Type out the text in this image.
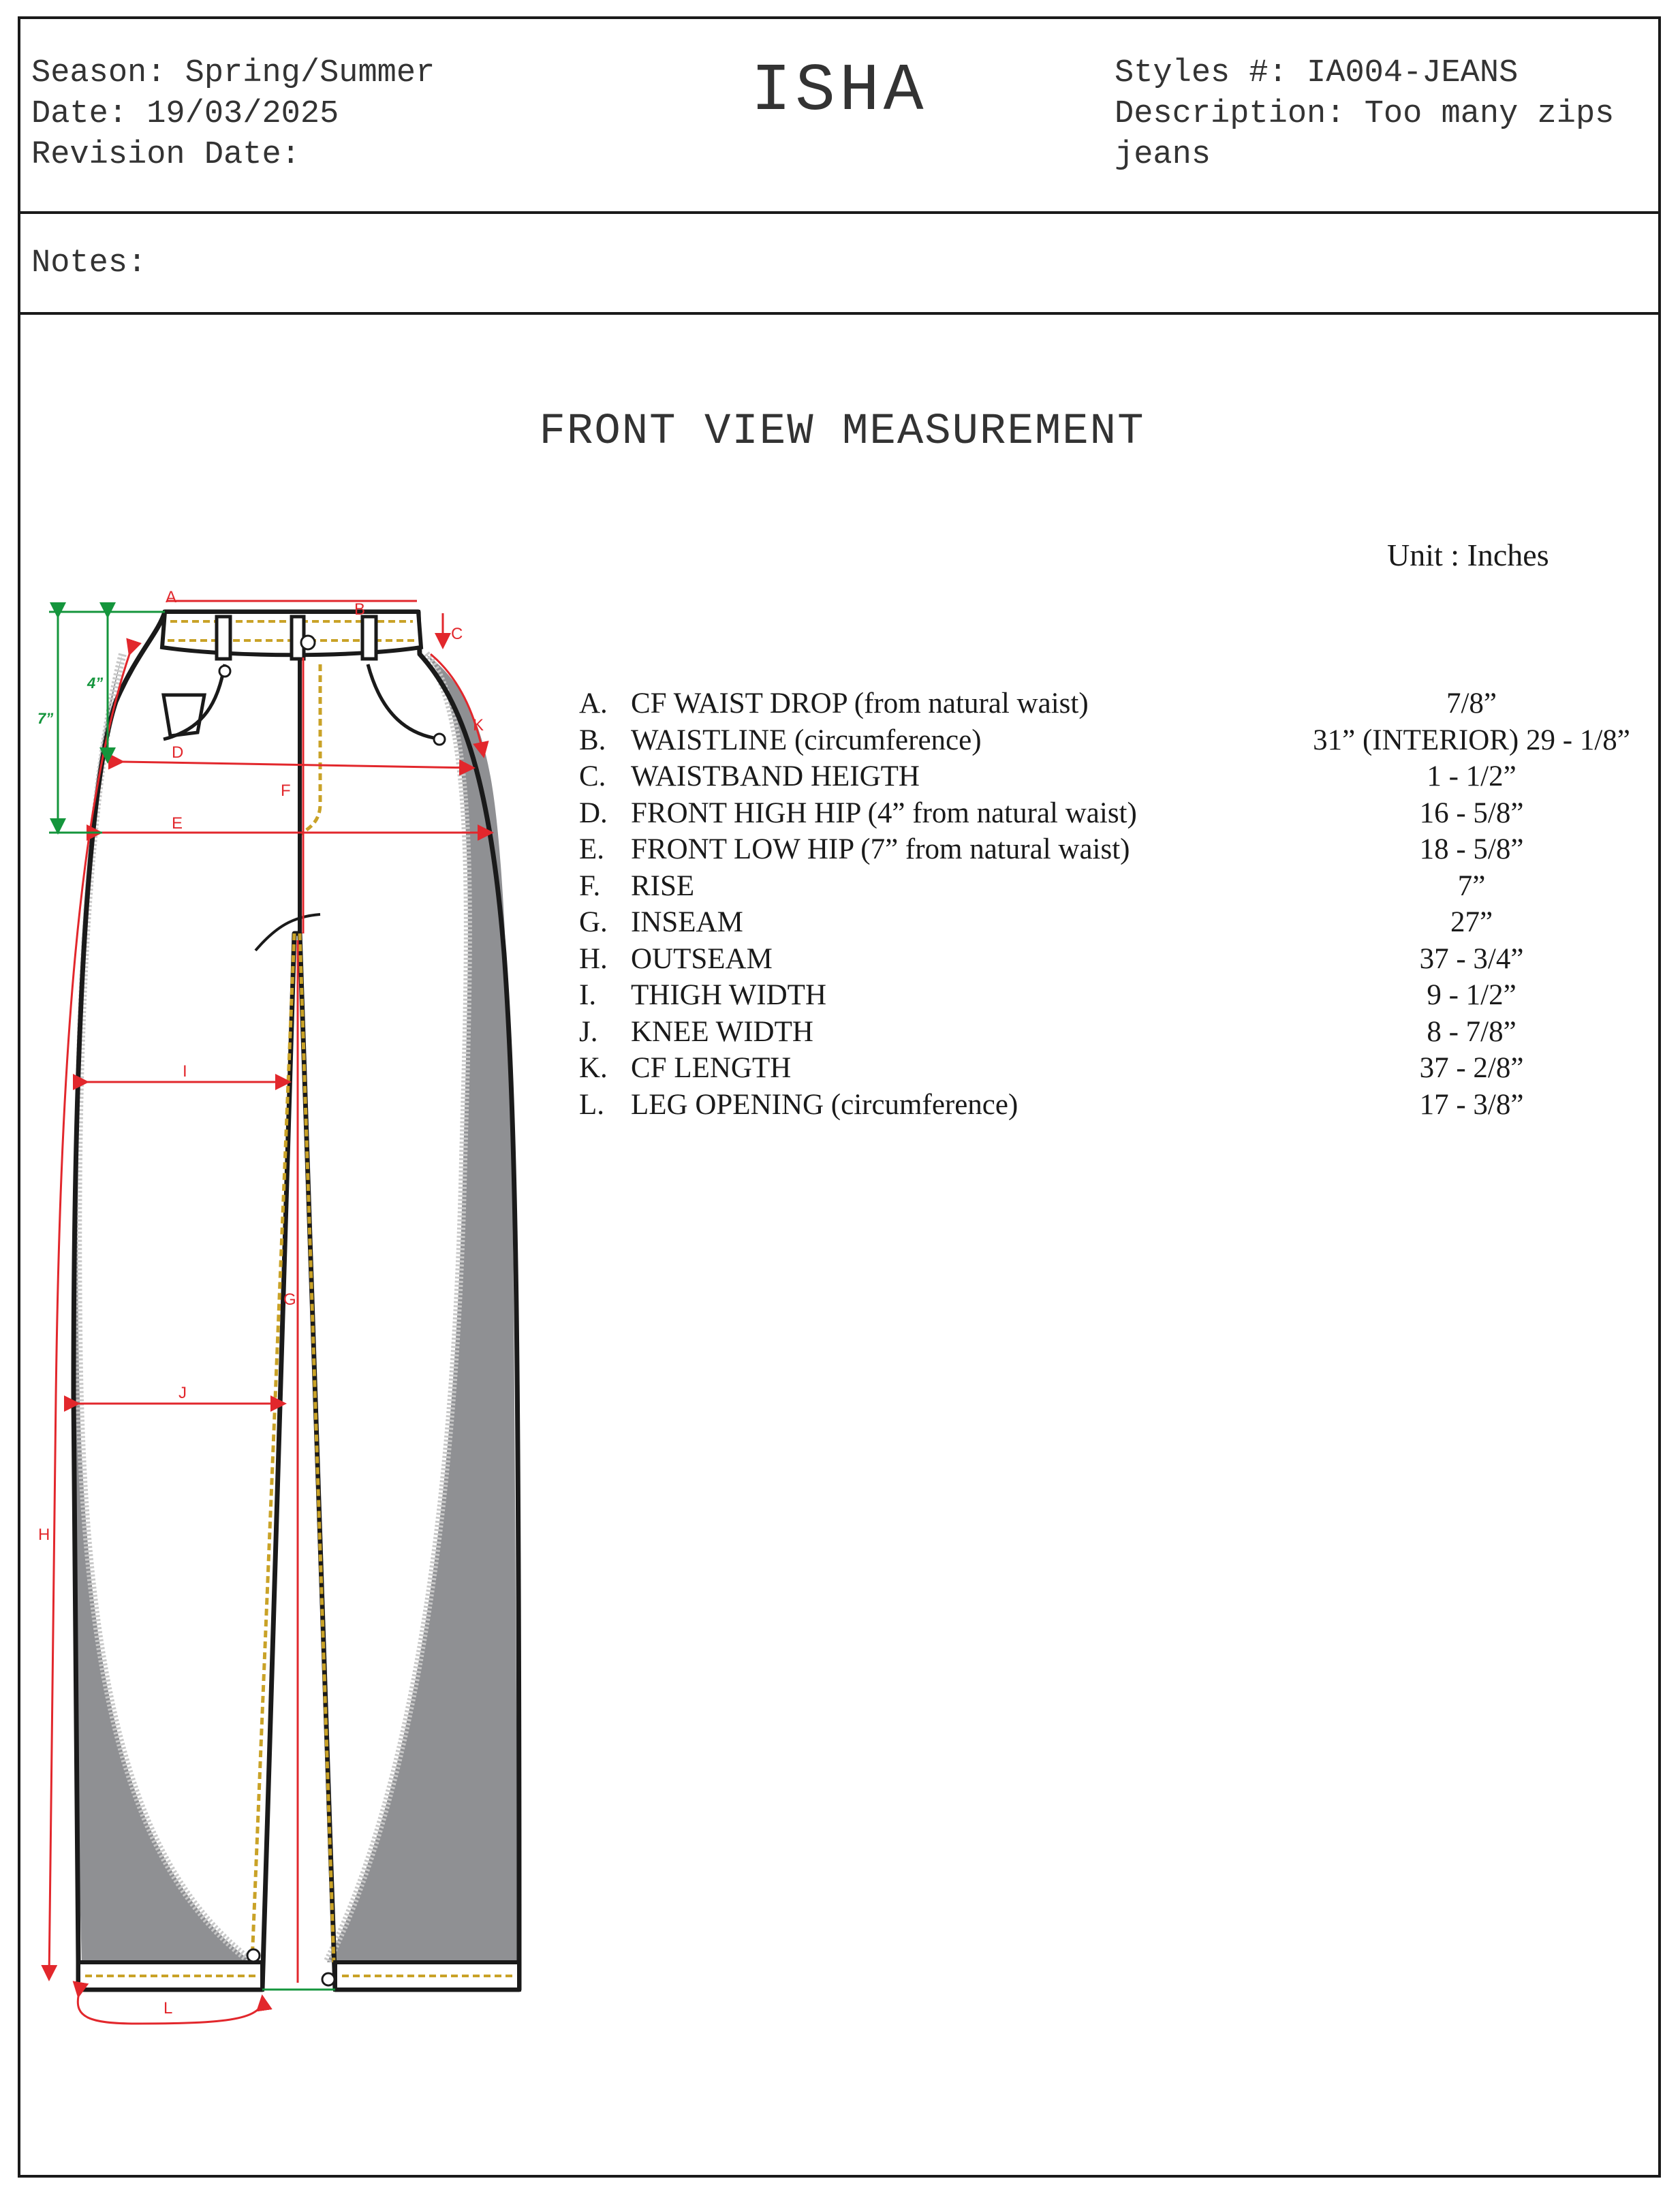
Season: Spring/Summer
Date: 19/03/2025
Revision Date:
ISHA	Styles #: IA004-JEANS
Description: Too many zips
jeans
Notes:
FRONT VIEW MEASUREMENT
Unit : Inches
A. CF WAIST DROP (from natural waist)	7/8”
B. WAISTLINE (circumference)	31” (INTERIOR) 29 - 1/8”
C. WAISTBAND HEIGTH	1 - 1/2”
D. FRONT HIGH HIP (4” from natural waist)	16 - 5/8”
E. FRONT LOW HIP (7” from natural waist)	18 - 5/8”
F.	RISE	7”
G. INSEAM	27”
H. OUTSEAM	37 - 3/4”
I.	THIGH WIDTH	9 - 1/2”
J.	KNEE WIDTH	8 - 7/8”
K. CF LENGTH	37 - 2/8”
L. LEG OPENING (circumference)	17 - 3/8”
A
B
C
D
E
F
G
H
I
J
K
L
4”
7”
